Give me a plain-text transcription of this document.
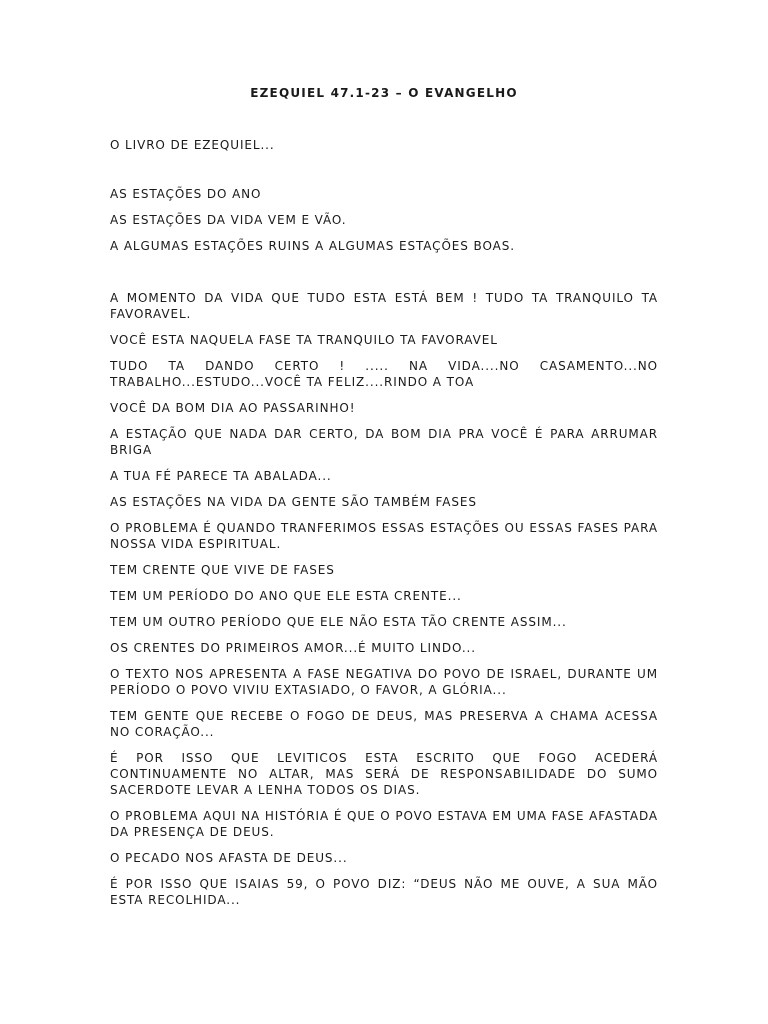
EZEQUIEL 47.1-23 – O EVANGELHO

O LIVRO DE EZEQUIEL...

AS ESTAÇÕES DO ANO

AS ESTAÇÕES DA VIDA VEM E VÃO.

A ALGUMAS ESTAÇÕES RUINS A ALGUMAS ESTAÇÕES BOAS.

A MOMENTO DA VIDA QUE TUDO ESTA ESTÁ BEM ! TUDO TA TRANQUILO TA FAVORAVEL.

VOCÊ ESTA NAQUELA FASE TA TRANQUILO TA FAVORAVEL

TUDO TA DANDO CERTO ! ..... NA VIDA....NO CASAMENTO...NO TRABALHO...ESTUDO...VOCÊ TA FELIZ....RINDO A TOA

VOCÊ DA BOM DIA AO PASSARINHO!

A ESTAÇÃO QUE NADA DAR CERTO, DA BOM DIA PRA VOCÊ É PARA ARRUMAR BRIGA

A TUA FÉ PARECE TA ABALADA...

AS ESTAÇÕES NA VIDA DA GENTE SÃO TAMBÉM FASES

O PROBLEMA É QUANDO TRANFERIMOS ESSAS ESTAÇÕES OU ESSAS FASES PARA NOSSA VIDA ESPIRITUAL.

TEM CRENTE QUE VIVE DE FASES

TEM UM PERÍODO DO ANO QUE ELE ESTA CRENTE...

TEM UM OUTRO PERÍODO QUE ELE NÃO ESTA TÃO CRENTE ASSIM...

OS CRENTES DO PRIMEIROS AMOR...É MUITO LINDO...

O TEXTO NOS APRESENTA A FASE NEGATIVA DO POVO DE ISRAEL, DURANTE UM PERÍODO O POVO VIVIU EXTASIADO, O FAVOR, A GLÓRIA...

TEM GENTE QUE RECEBE O FOGO DE DEUS, MAS PRESERVA A CHAMA ACESSA NO CORAÇÃO...

É POR ISSO QUE LEVITICOS ESTA ESCRITO QUE FOGO ACEDERÁ CONTINUAMENTE NO ALTAR, MAS SERÁ DE RESPONSABILIDADE DO SUMO SACERDOTE LEVAR A LENHA TODOS OS DIAS.

O PROBLEMA AQUI NA HISTÓRIA É QUE O POVO ESTAVA EM UMA FASE AFASTADA DA PRESENÇA DE DEUS.

O PECADO NOS AFASTA DE DEUS...

É POR ISSO QUE ISAIAS 59, O POVO DIZ: “DEUS NÃO ME OUVE, A SUA MÃO ESTA RECOLHIDA...
